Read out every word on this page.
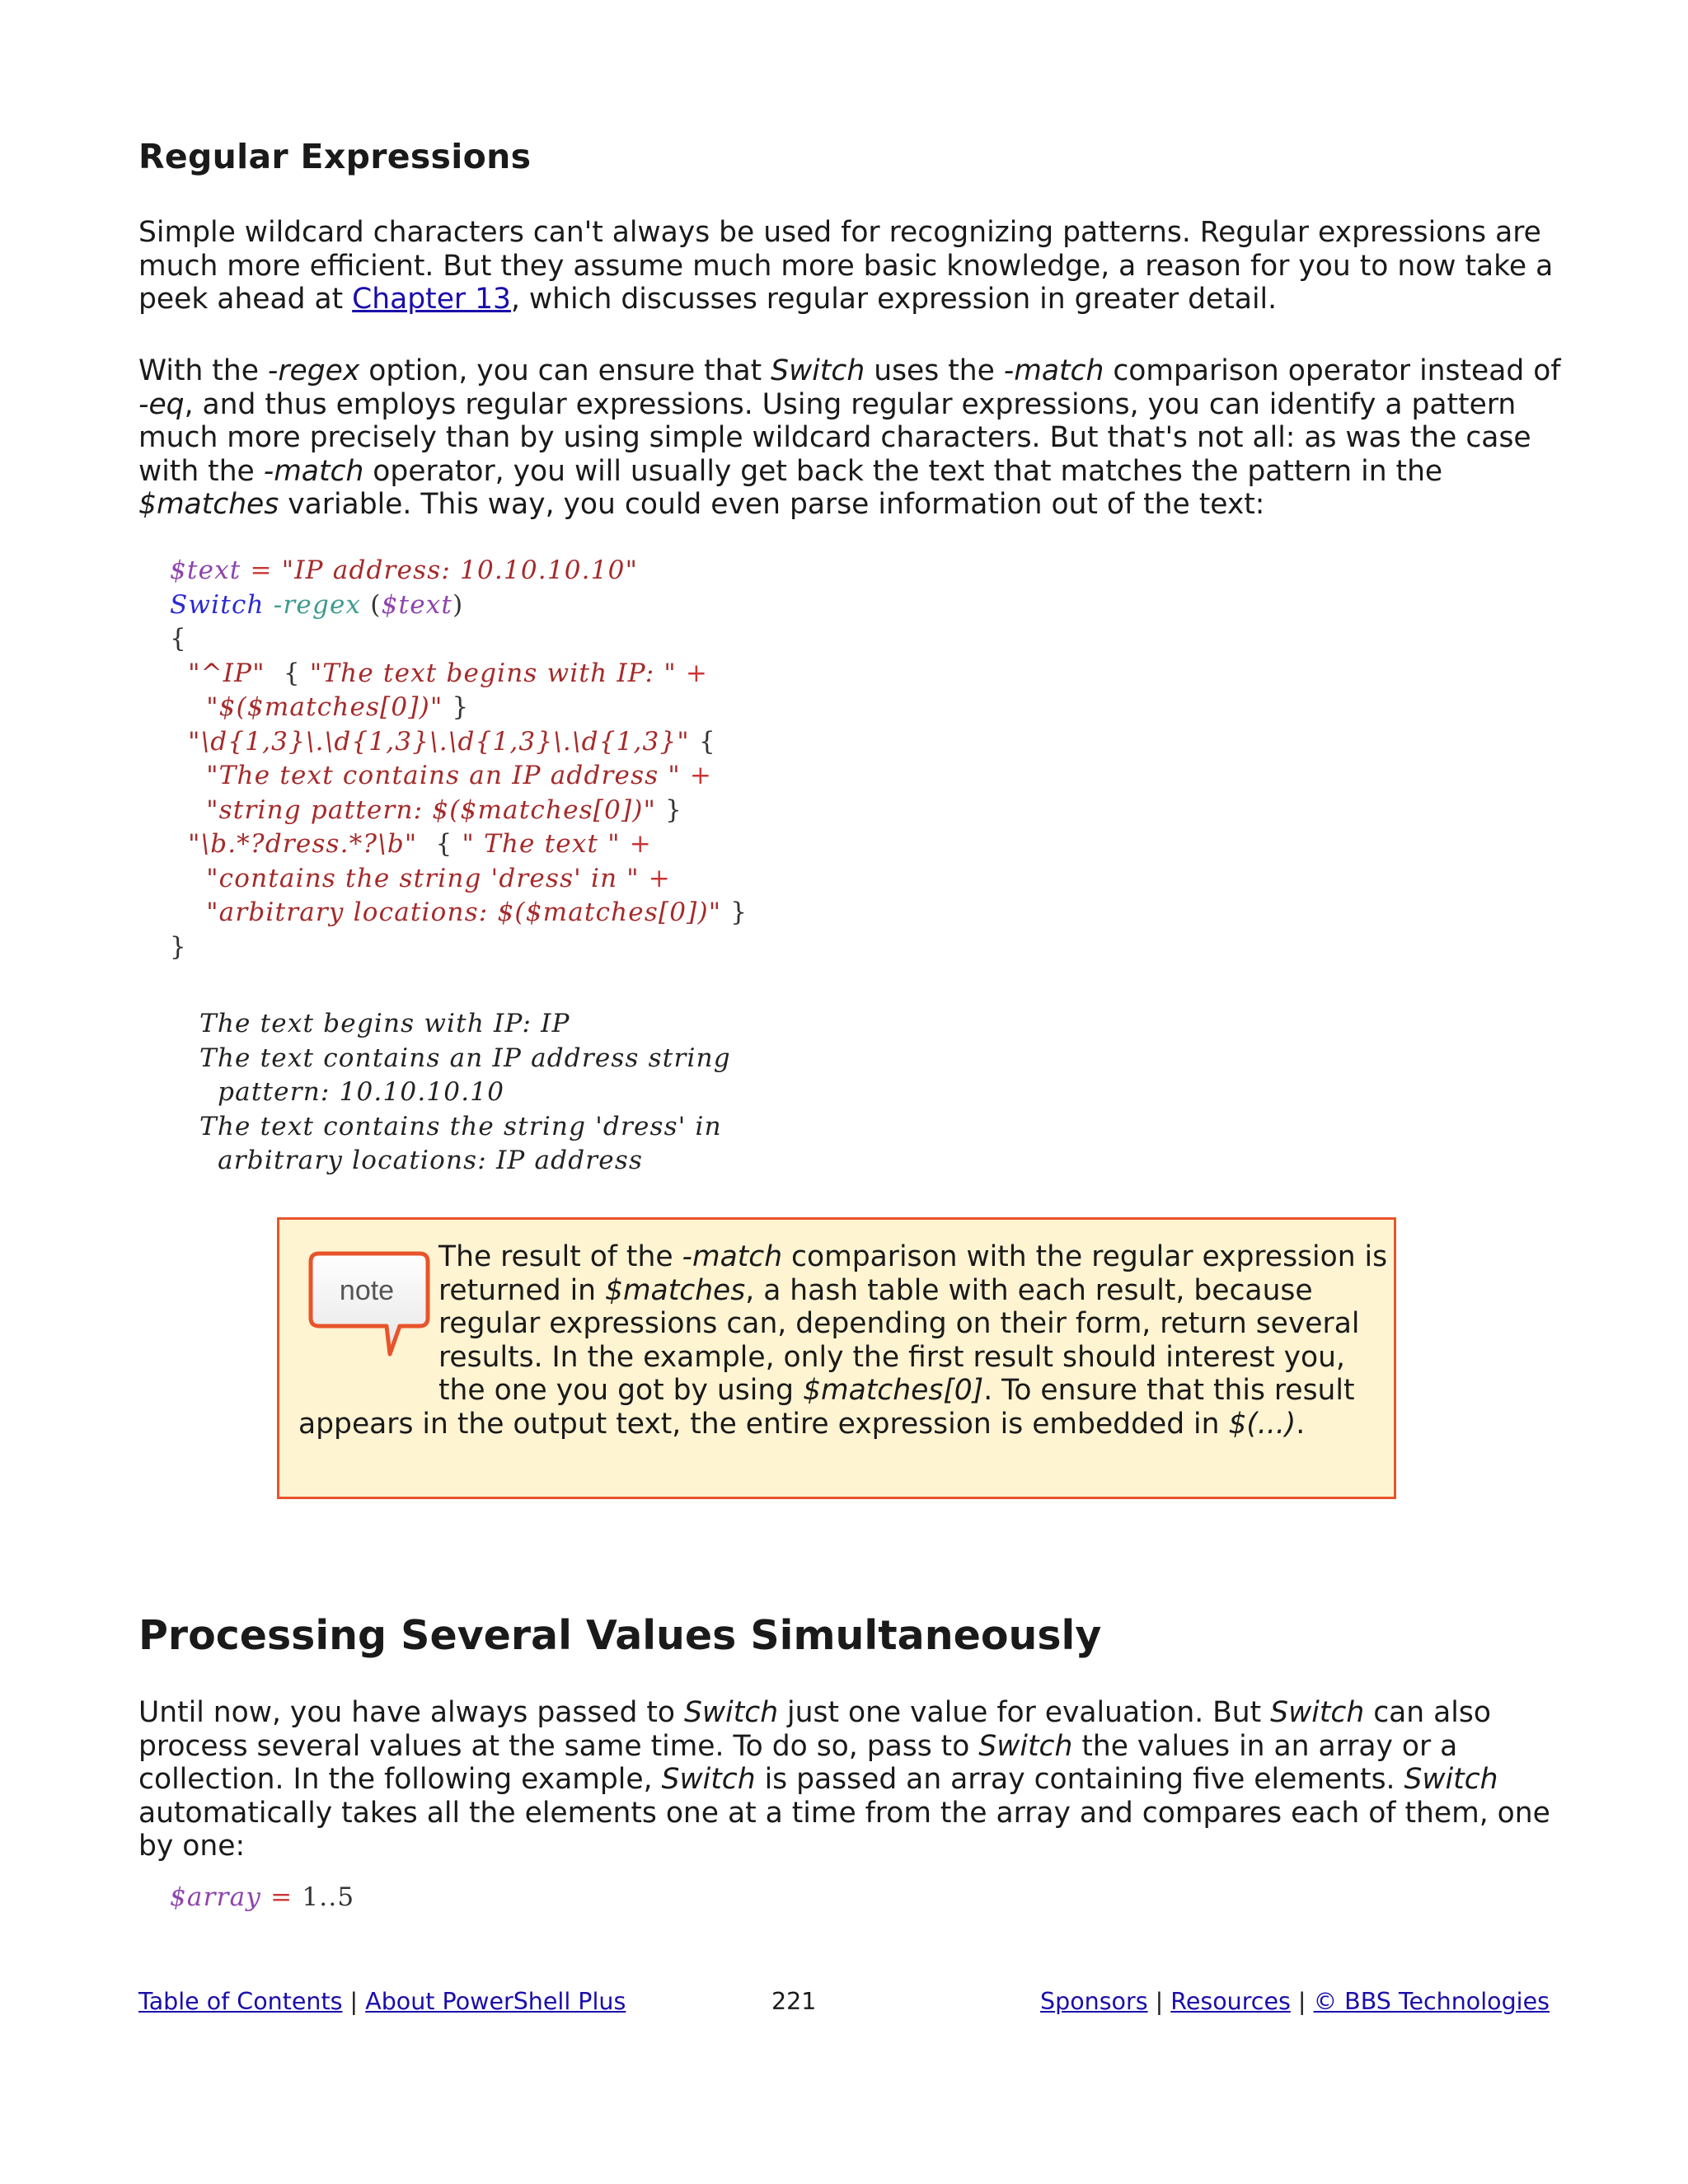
Regular Expressions

Simple wildcard characters can't always be used for recognizing patterns. Regular expressions are
much more efficient. But they assume much more basic knowledge, a reason for you to now take a
peek ahead at Chapter 13, which discusses regular expression in greater detail.

With the -regex option, you can ensure that Switch uses the -match comparison operator instead of
-eq, and thus employs regular expressions. Using regular expressions, you can identify a pattern
much more precisely than by using simple wildcard characters. But that's not all: as was the case
with the -match operator, you will usually get back the text that matches the pattern in the
$matches variable. This way, you could even parse information out of the text:

$text = "IP address: 10.10.10.10"
Switch -regex ($text)
{
"^IP"  { "The text begins with IP: " +
"$($matches[0])" }
"\d{1,3}\.\d{1,3}\.\d{1,3}\.\d{1,3}" {
"The text contains an IP address " +
"string pattern: $($matches[0])" }
"\b.*?dress.*?\b"  { " The text " +
"contains the string 'dress' in " +
"arbitrary locations: $($matches[0])" }
}
The text begins with IP: IP
The text contains an IP address string
pattern: 10.10.10.10
The text contains the string 'dress' in
arbitrary locations: IP address
note

The result of the -match comparison with the regular expression is
returned in $matches, a hash table with each result, because
regular expressions can, depending on their form, return several
results. In the example, only the first result should interest you,
the one you got by using $matches[0]. To ensure that this result
appears in the output text, the entire expression is embedded in $(...).

Processing Several Values Simultaneously

Until now, you have always passed to Switch just one value for evaluation. But Switch can also
process several values at the same time. To do so, pass to Switch the values in an array or a
collection. In the following example, Switch is passed an array containing five elements. Switch
automatically takes all the elements one at a time from the array and compares each of them, one
by one:

$array = 1..5
Table of Contents | About PowerShell Plus	221	Sponsors | Resources | © BBS Technologies
